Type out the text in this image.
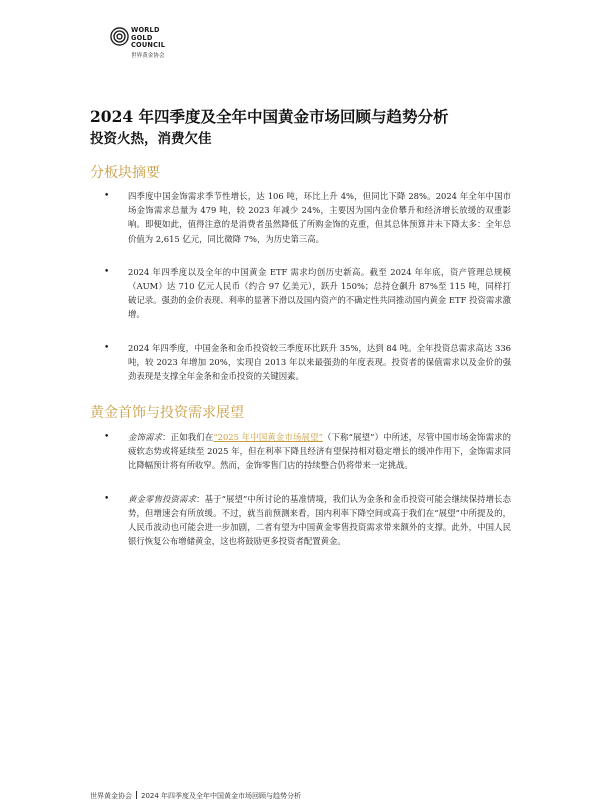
WORLD
GOLD
COUNCIL
世界黄金协会
2024 年四季度及全年中国黄金市场回顾与趋势分析
投资火热，消费欠佳
分板块摘要
• 四季度中国金饰需求季节性增长，达 106 吨，环比上升 4%，但同比下降 28%。2024 年全年中国市场金饰需求总量为 479 吨，较 2023 年减少 24%，主要因为国内金价攀升和经济增长放缓的双重影响。即便如此，值得注意的是消费者虽然降低了所购金饰的克重，但其总体预算并未下降太多：全年总价值为 2,615 亿元，同比微降 7%，为历史第三高。
• 2024 年四季度以及全年的中国黄金 ETF 需求均创历史新高。截至 2024 年年底，资产管理总规模（AUM）达 710 亿元人民币（约合 97 亿美元），跃升 150%；总持仓飙升 87%至 115 吨，同样打破记录。强劲的金价表现、利率的显著下滑以及国内资产的不确定性共同推动国内黄金 ETF 投资需求激增。
• 2024 年四季度，中国金条和金币投资较三季度环比跃升 35%，达到 84 吨。全年投资总需求高达 336 吨，较 2023 年增加 20%，实现自 2013 年以来最强劲的年度表现。投资者的保值需求以及金价的强劲表现是支撑全年金条和金币投资的关键因素。
黄金首饰与投资需求展望
• 金饰需求：正如我们在“2025 年中国黄金市场展望”（下称“展望”）中所述，尽管中国市场金饰需求的疲软态势或将延续至 2025 年，但在利率下降且经济有望保持相对稳定增长的缓冲作用下，金饰需求同比降幅预计将有所收窄。然而，金饰零售门店的持续整合仍将带来一定挑战。
• 黄金零售投资需求：基于“展望”中所讨论的基准情境，我们认为金条和金币投资可能会继续保持增长态势，但增速会有所放缓。不过，就当前预测来看，国内利率下降空间或高于我们在“展望”中所提及的，人民币波动也可能会进一步加剧，二者有望为中国黄金零售投资需求带来额外的支撑。此外，中国人民银行恢复公布增储黄金，这也将鼓励更多投资者配置黄金。
世界黄金协会 2024 年四季度及全年中国黄金市场回顾与趋势分析
